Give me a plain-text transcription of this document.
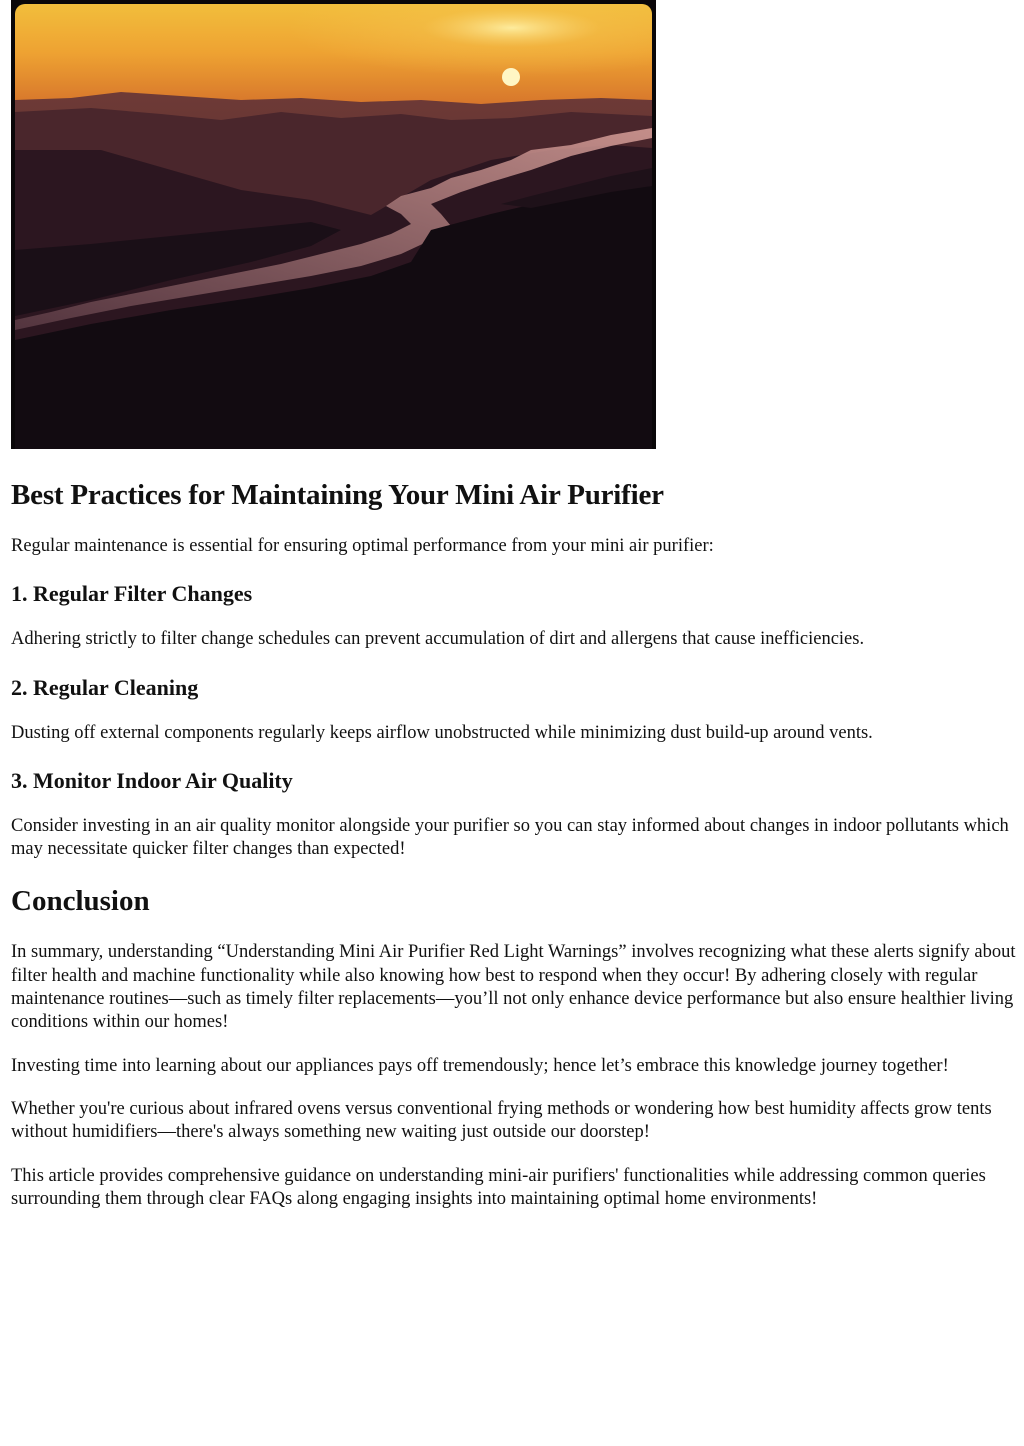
Best Practices for Maintaining Your Mini Air Purifier

Regular maintenance is essential for ensuring optimal performance from your mini air purifier:

1. Regular Filter Changes

Adhering strictly to filter change schedules can prevent accumulation of dirt and allergens that cause inefficiencies.

2. Regular Cleaning

Dusting off external components regularly keeps airflow unobstructed while minimizing dust build-up around vents.

3. Monitor Indoor Air Quality

Consider investing in an air quality monitor alongside your purifier so you can stay informed about changes in indoor pollutants which may necessitate quicker filter changes than expected!

Conclusion

In summary, understanding “Understanding Mini Air Purifier Red Light Warnings” involves recognizing what these alerts signify about filter health and machine functionality while also knowing how best to respond when they occur! By adhering closely with regular maintenance routines—such as timely filter replacements—you’ll not only enhance device performance but also ensure healthier living conditions within our homes!

Investing time into learning about our appliances pays off tremendously; hence let’s embrace this knowledge journey together!

Whether you're curious about infrared ovens versus conventional frying methods or wondering how best humidity affects grow tents without humidifiers—there's always something new waiting just outside our doorstep!

This article provides comprehensive guidance on understanding mini-air purifiers' functionalities while addressing common queries surrounding them through clear FAQs along engaging insights into maintaining optimal home environments!
